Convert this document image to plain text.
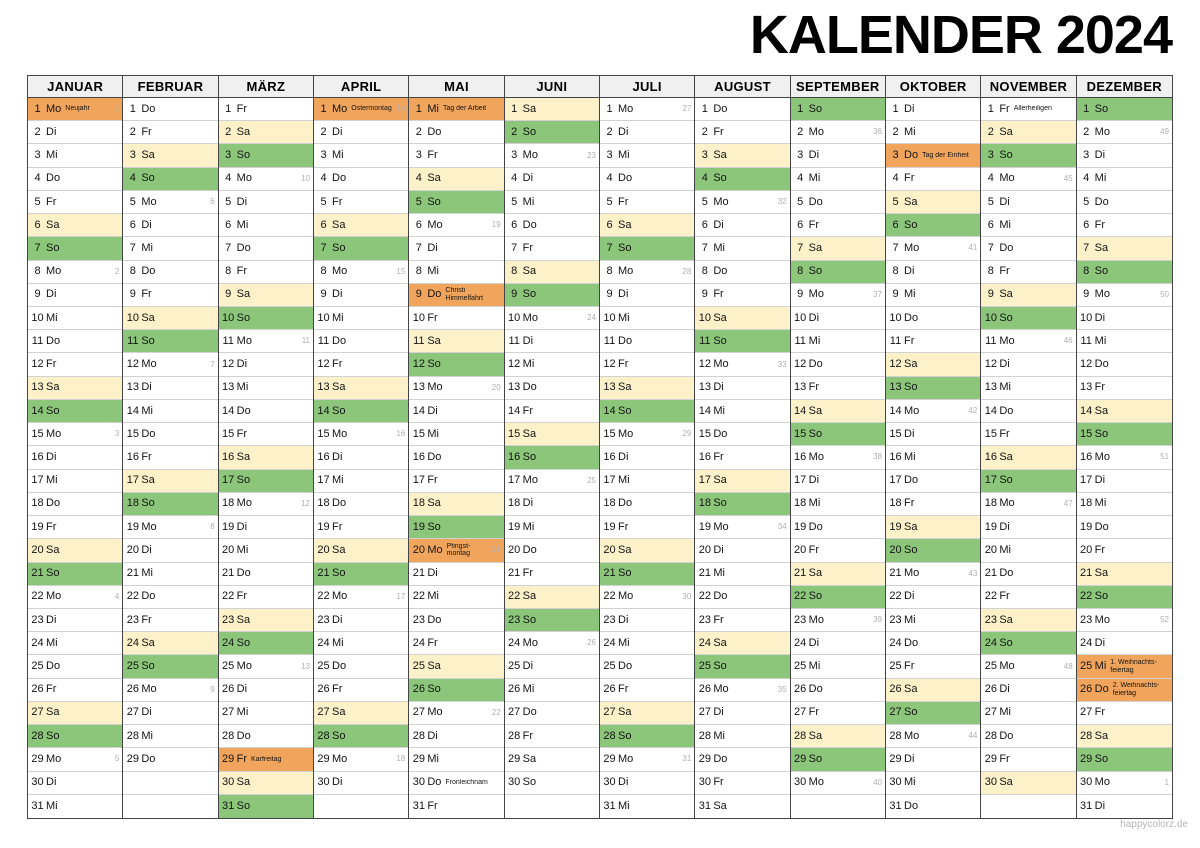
KALENDER 2024
JANUAR
1 Mo Neujahr	1
2 Di
3 Mi
4 Do
5 Fr
6 Sa
7 So
8 Mo	2
9 Di
10 Mi
11 Do
12 Fr
13 Sa
14 So
15 Mo	3
16 Di
17 Mi
18 Do
19 Fr
20 Sa
21 So
22 Mo	4
23 Di
24 Mi
25 Do
26 Fr
27 Sa
28 So
29 Mo	5
30 Di
31 Mi
FEBRUAR
1 Do
2 Fr
3 Sa
4 So
5 Mo	6
6 Di
7 Mi
8 Do
9 Fr
10 Sa
11 So
12 Mo	7
13 Di
14 Mi
15 Do
16 Fr
17 Sa
18 So
19 Mo	8
20 Di
21 Mi
22 Do
23 Fr
24 Sa
25 So
26 Mo	9
27 Di
28 Mi
29 Do
MÄRZ
1 Fr
2 Sa
3 So
4 Mo	10
5 Di
6 Mi
7 Do
8 Fr
9 Sa
10 So
11 Mo	11
12 Di
13 Mi
14 Do
15 Fr
16 Sa
17 So
18 Mo	12
19 Di
20 Mi
21 Do
22 Fr
23 Sa
24 So
25 Mo	13
26 Di
27 Mi
28 Do
29 Fr Karfreitag
30 Sa
31 So
APRIL
1 Mo Ostermontag 14
2 Di
3 Mi
4 Do
5 Fr
6 Sa
7 So
8 Mo	15
9 Di
10 Mi
11 Do
12 Fr
13 Sa
14 So
15 Mo	16
16 Di
17 Mi
18 Do
19 Fr
20 Sa
21 So
22 Mo	17
23 Di
24 Mi
25 Do
26 Fr
27 Sa
28 So
29 Mo	18
30 Di
MAI
1 Mi Tag der Arbeit
2 Do
3 Fr
4 Sa
5 So
6 Mo	19
7 Di
8 Mi
9 Do Christi Himmelfahrt
10 Fr
11 Sa
12 So
13 Mo	20
14 Di
15 Mi
16 Do
17 Fr
18 Sa
19 So
20 Mo Pfingst-montag	21
21 Di
22 Mi
23 Do
24 Fr
25 Sa
26 So
27 Mo	22
28 Di
29 Mi
30 Do Fronleichnam
31 Fr
JUNI
1 Sa
2 So
3 Mo	23
4 Di
5 Mi
6 Do
7 Fr
8 Sa
9 So
10 Mo	24
11 Di
12 Mi
13 Do
14 Fr
15 Sa
16 So
17 Mo	25
18 Di
19 Mi
20 Do
21 Fr
22 Sa
23 So
24 Mo	26
25 Di
26 Mi
27 Do
28 Fr
29 Sa
30 So
JULI
1 Mo	27
2 Di
3 Mi
4 Do
5 Fr
6 Sa
7 So
8 Mo	28
9 Di
10 Mi
11 Do
12 Fr
13 Sa
14 So
15 Mo	29
16 Di
17 Mi
18 Do
19 Fr
20 Sa
21 So
22 Mo	30
23 Di
24 Mi
25 Do
26 Fr
27 Sa
28 So
29 Mo	31
30 Di
31 Mi
AUGUST
1 Do
2 Fr
3 Sa
4 So
5 Mo	32
6 Di
7 Mi
8 Do
9 Fr
10 Sa
11 So
12 Mo	33
13 Di
14 Mi
15 Do
16 Fr
17 Sa
18 So
19 Mo	34
20 Di
21 Mi
22 Do
23 Fr
24 Sa
25 So
26 Mo	35
27 Di
28 Mi
29 Do
30 Fr
31 Sa
SEPTEMBER
1 So
2 Mo	36
3 Di
4 Mi
5 Do
6 Fr
7 Sa
8 So
9 Mo	37
10 Di
11 Mi
12 Do
13 Fr
14 Sa
15 So
16 Mo	38
17 Di
18 Mi
19 Do
20 Fr
21 Sa
22 So
23 Mo	39
24 Di
25 Mi
26 Do
27 Fr
28 Sa
29 So
30 Mo	40
OKTOBER
1 Di
2 Mi
3 Do Tag der Einheit
4 Fr
5 Sa
6 So
7 Mo	41
8 Di
9 Mi
10 Do
11 Fr
12 Sa
13 So
14 Mo	42
15 Di
16 Mi
17 Do
18 Fr
19 Sa
20 So
21 Mo	43
22 Di
23 Mi
24 Do
25 Fr
26 Sa
27 So
28 Mo	44
29 Di
30 Mi
31 Do
NOVEMBER
1 Fr Allerheiligen
2 Sa
3 So
4 Mo	45
5 Di
6 Mi
7 Do
8 Fr
9 Sa
10 So
11 Mo	46
12 Di
13 Mi
14 Do
15 Fr
16 Sa
17 So
18 Mo	47
19 Di
20 Mi
21 Do
22 Fr
23 Sa
24 So
25 Mo	48
26 Di
27 Mi
28 Do
29 Fr
30 Sa
DEZEMBER
1 So
2 Mo	49
3 Di
4 Mi
5 Do
6 Fr
7 Sa
8 So
9 Mo	50
10 Di
11 Mi
12 Do
13 Fr
14 Sa
15 So
16 Mo	51
17 Di
18 Mi
19 Do
20 Fr
21 Sa
22 So
23 Mo	52
24 Di
25 Mi 1. Weihnachts-feiertag
26 Do 2. Weihnachts-feiertag
27 Fr
28 Sa
29 So
30 Mo	1
31 Di
happycolorz.de
